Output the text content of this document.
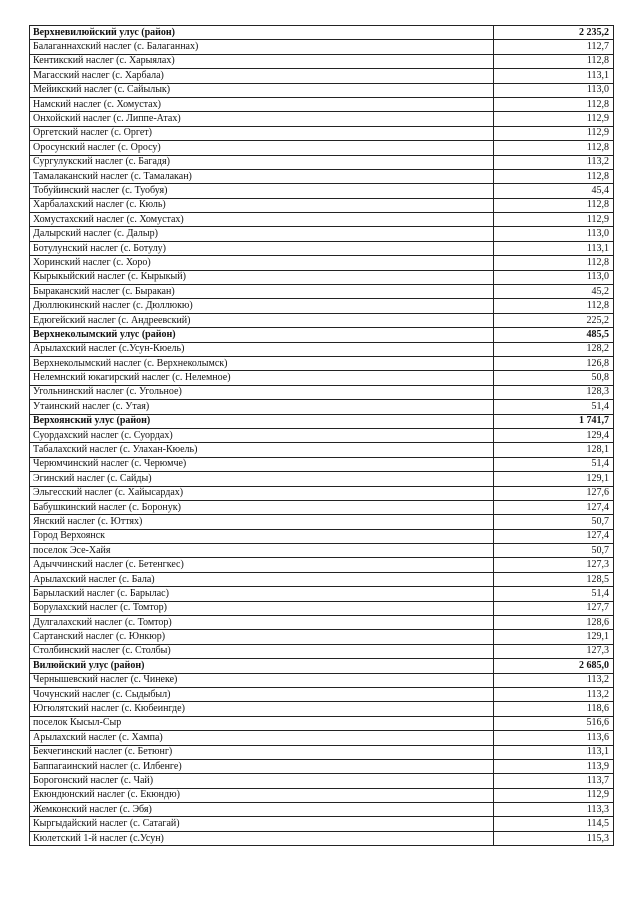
Верхневилюйский улус (район)	2 235,2
Балаганнахский наслег (с. Балаганнах)	112,7
Кентикский наслег (с. Харыялах)	112,8
Магасский наслег (с. Харбала)	113,1
Мейикский наслег (с. Сайылык)	113,0
Намский наслег (с. Хомустах)	112,8
Онхойский наслег (с. Липпе-Атах)	112,9
Оргетский наслег (с. Оргет)	112,9
Оросунский наслег (с. Оросу)	112,8
Сургулукский наслег (с. Багадя)	113,2
Тамалаканский наслег (с. Тамалакан)	112,8
Тобуйинский наслег (с. Туобуя)	45,4
Харбалахский наслег (с. Кюль)	112,8
Хомустахский наслег (с. Хомустах)	112,9
Далырский наслег (с. Далыр)	113,0
Ботулунский наслег (с. Ботулу)	113,1
Хоринский наслег (с. Хоро)	112,8
Кырыкыйский наслег (с. Кырыкый)	113,0
Быраканский наслег (с. Быракан)	45,2
Дюллюкинский наслег (с. Дюллюкю)	112,8
Едюгейский наслег (с. Андреевский)	225,2
Верхнеколымский улус (район)	485,5
Арылахский наслег (с.Усун-Кюель)	128,2
Верхнеколымский наслег (с. Верхнеколымск)	126,8
Нелемнский юкагирский наслег (с. Нелемное)	50,8
Угольнинский наслег (с. Угольное)	128,3
Утаинский наслег (с. Утая)	51,4
Верхоянский улус (район)	1 741,7
Суордахский наслег (с. Суордах)	129,4
Табалахский наслег (с. Улахан-Кюель)	128,1
Черюмчинский наслег (с. Черюмче)	51,4
Эгинский наслег (с. Сайды)	129,1
Эльгесский наслег (с. Хайысардах)	127,6
Бабушкинский наслег (с. Боронук)	127,4
Янский наслег (с. Юттях)	50,7
Город Верхоянск	127,4
поселок Эсе-Хайя	50,7
Адыччинский наслег (с. Бетенгкес)	127,3
Арылахский наслег (с. Бала)	128,5
Барылаский наслег (с. Барылас)	51,4
Борулахский наслег (с. Томтор)	127,7
Дулгалахский наслег (с. Томтор)	128,6
Сартанский наслег (с. Юнкюр)	129,1
Столбинский наслег (с. Столбы)	127,3
Вилюйский улус (район)	2 685,0
Чернышевский наслег (с. Чинеке)	113,2
Чочунский наслег (с. Сыдыбыл)	113,2
Югюлятский наслег (с. Кюбеингде)	118,6
поселок Кысыл-Сыр	516,6
Арылахский наслег (с. Хампа)	113,6
Бекчегинский наслег (с. Бетюнг)	113,1
Баппагаинский наслег (с. Илбенге)	113,9
Борогонский наслег (с. Чай)	113,7
Екюндюнский наслег (с. Екюндю)	112,9
Жемконский наслег (с. Эбя)	113,3
Кыргыдайский наслег (с. Сатагай)	114,5
Кюлетский 1-й наслег (с.Усун)	115,3
